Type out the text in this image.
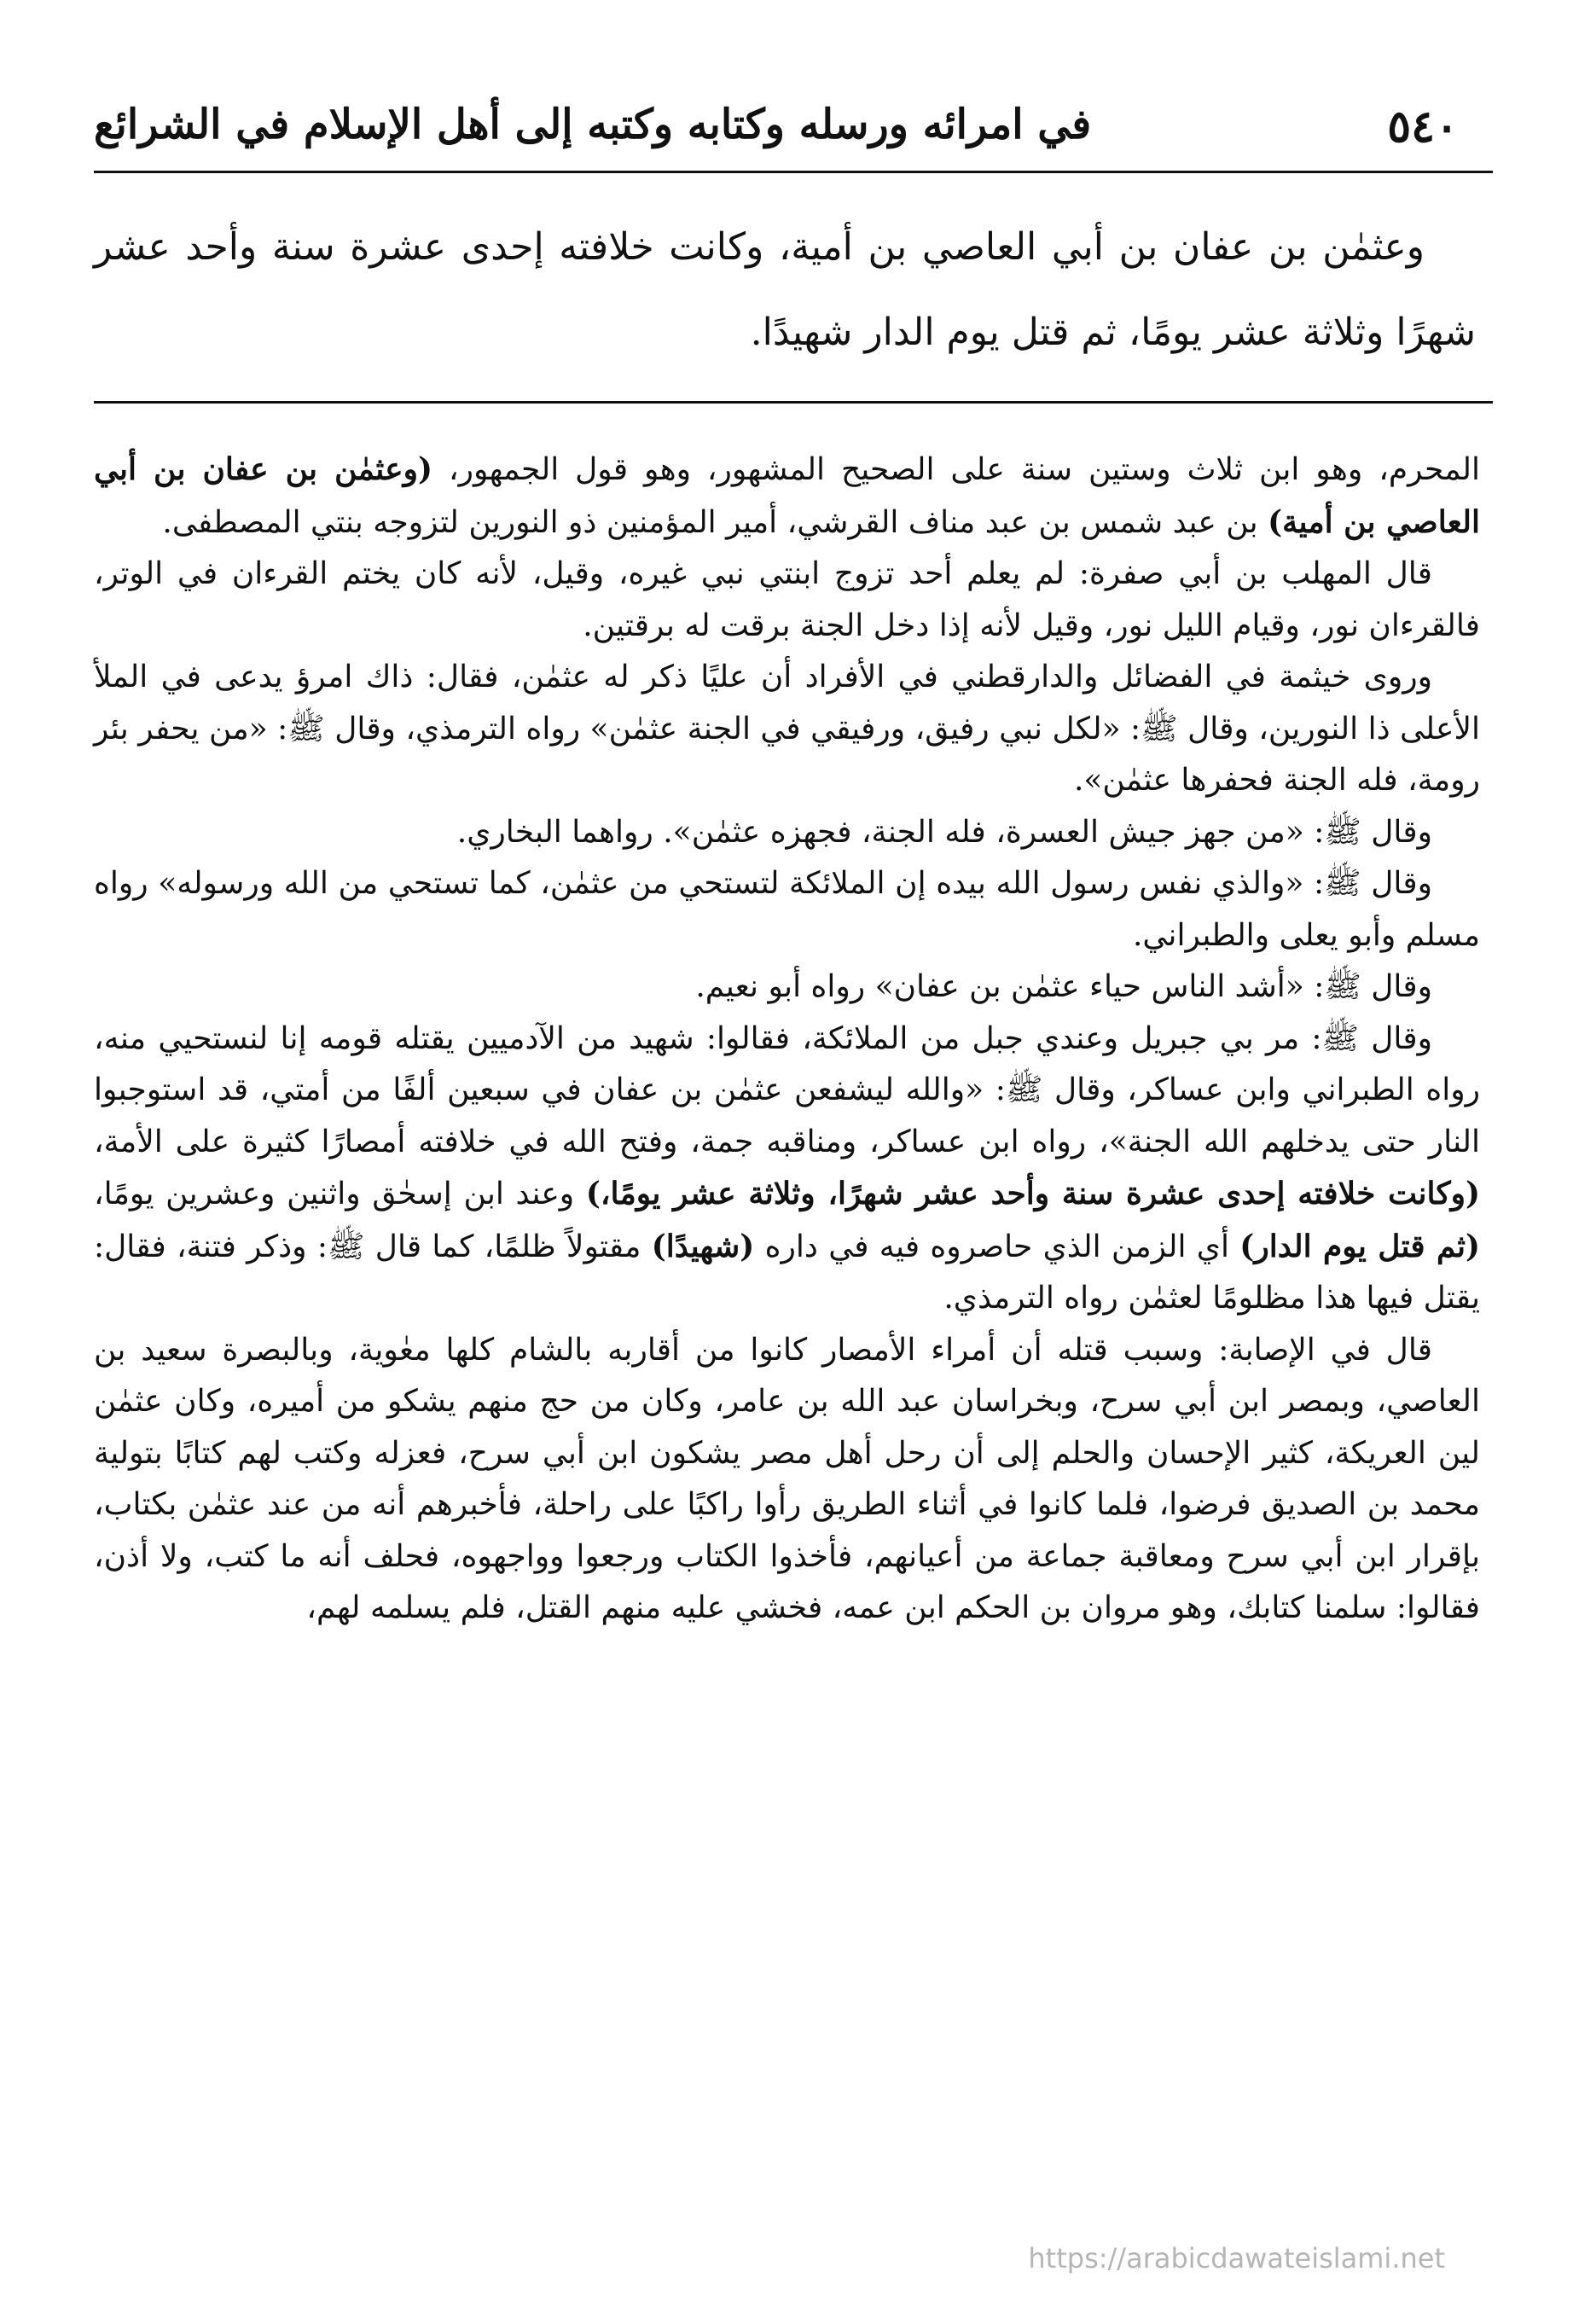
٥٤٠
في امرائه ورسله وكتابه وكتبه إلى أهل الإسلام في الشرائع

وعثمٰن بن عفان بن أبي العاصي بن أمية، وكانت خلافته إحدى عشرة سنة وأحد عشر شهرًا وثلاثة عشر يومًا، ثم قتل يوم الدار شهيدًا.

المحرم، وهو ابن ثلاث وستين سنة على الصحيح المشهور، وهو قول الجمهور، (وعثمٰن بن عفان بن أبي العاصي بن أمية) بن عبد شمس بن عبد مناف القرشي، أمير المؤمنين ذو النورين لتزوجه بنتي المصطفى.

قال المهلب بن أبي صفرة: لم يعلم أحد تزوج ابنتي نبي غيره، وقيل، لأنه كان يختم القرءان في الوتر، فالقرءان نور، وقيام الليل نور، وقيل لأنه إذا دخل الجنة برقت له برقتين.

وروى خيثمة في الفضائل والدارقطني في الأفراد أن عليًا ذكر له عثمٰن، فقال: ذاك امرؤ يدعى في الملأ الأعلى ذا النورين، وقال ﷺ: «لكل نبي رفيق، ورفيقي في الجنة عثمٰن» رواه الترمذي، وقال ﷺ: «من يحفر بئر رومة، فله الجنة فحفرها عثمٰن».

وقال ﷺ: «من جهز جيش العسرة، فله الجنة، فجهزه عثمٰن». رواهما البخاري.

وقال ﷺ: «والذي نفس رسول الله بيده إن الملائكة لتستحي من عثمٰن، كما تستحي من الله ورسوله» رواه مسلم وأبو يعلى والطبراني.

وقال ﷺ: «أشد الناس حياء عثمٰن بن عفان» رواه أبو نعيم.

وقال ﷺ: مر بي جبريل وعندي جبل من الملائكة، فقالوا: شهيد من الآدميين يقتله قومه إنا لنستحيي منه، رواه الطبراني وابن عساكر، وقال ﷺ: «والله ليشفعن عثمٰن بن عفان في سبعين ألفًا من أمتي، قد استوجبوا النار حتى يدخلهم الله الجنة»، رواه ابن عساكر، ومناقبه جمة، وفتح الله في خلافته أمصارًا كثيرة على الأمة، (وكانت خلافته إحدى عشرة سنة وأحد عشر شهرًا، وثلاثة عشر يومًا،) وعند ابن إسحٰق واثنين وعشرين يومًا، (ثم قتل يوم الدار) أي الزمن الذي حاصروه فيه في داره (شهيدًا) مقتولاً ظلمًا، كما قال ﷺ: وذكر فتنة، فقال: يقتل فيها هذا مظلومًا لعثمٰن رواه الترمذي.

قال في الإصابة: وسبب قتله أن أمراء الأمصار كانوا من أقاربه بالشام كلها معٰوية، وبالبصرة سعيد بن العاصي، وبمصر ابن أبي سرح، وبخراسان عبد الله بن عامر، وكان من حج منهم يشكو من أميره، وكان عثمٰن لين العريكة، كثير الإحسان والحلم إلى أن رحل أهل مصر يشكون ابن أبي سرح، فعزله وكتب لهم كتابًا بتولية محمد بن الصديق فرضوا، فلما كانوا في أثناء الطريق رأوا راكبًا على راحلة، فأخبرهم أنه من عند عثمٰن بكتاب، بإقرار ابن أبي سرح ومعاقبة جماعة من أعيانهم، فأخذوا الكتاب ورجعوا وواجهوه، فحلف أنه ما كتب، ولا أذن، فقالوا: سلمنا كتابك، وهو مروان بن الحكم ابن عمه، فخشي عليه منهم القتل، فلم يسلمه لهم،

https://arabicdawateislami.net
